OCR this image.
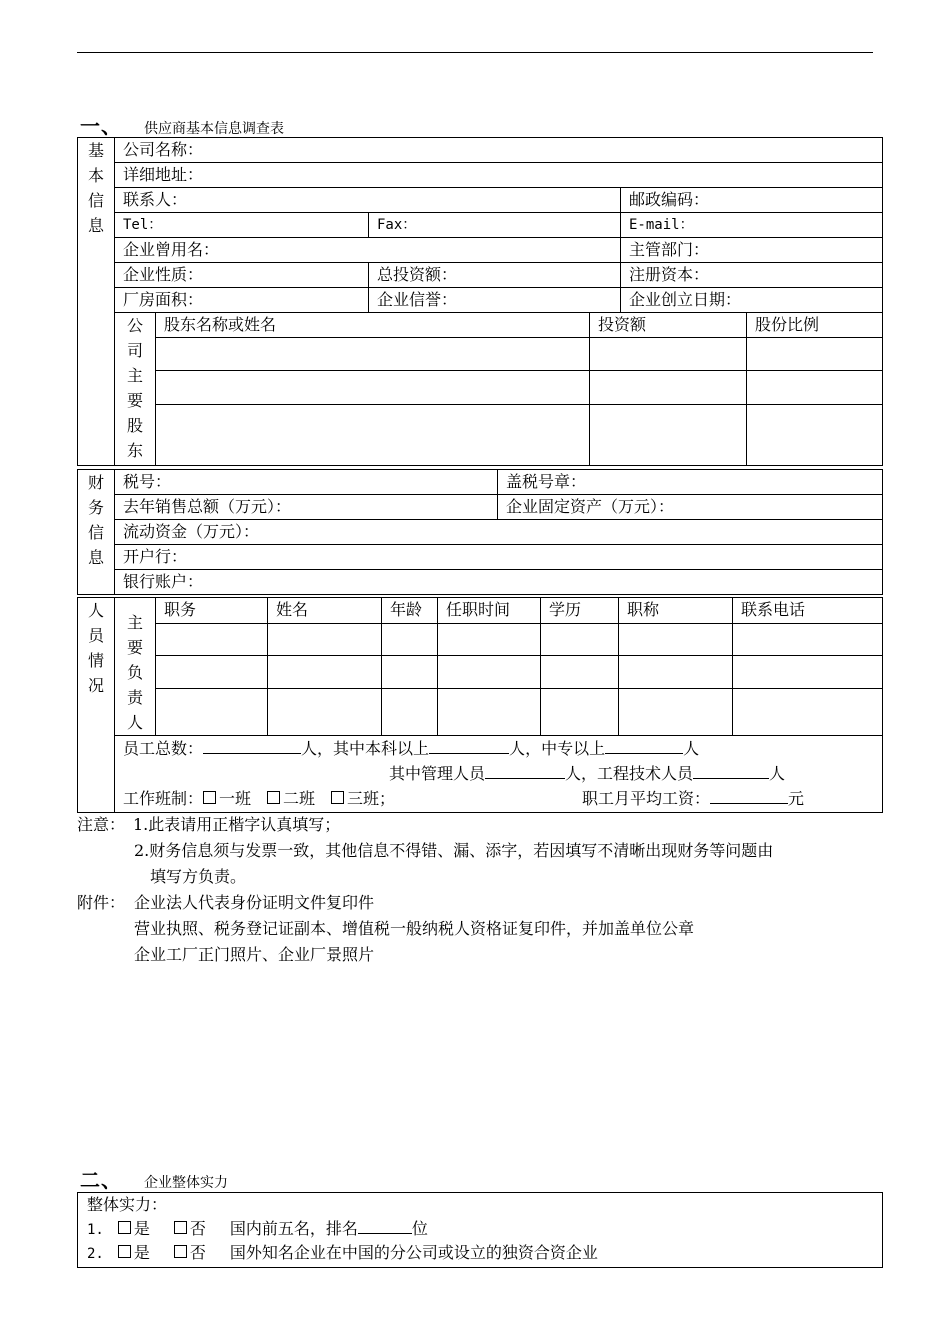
一、 供应商基本信息调查表
基本信息	公司名称：					
	详细地址：					
	联系人：				邮政编码：	
	Tel：		Fax：		E-mail：	
	企业曾用名：				主管部门：	
	企业性质：		总投资额：		注册资本：	
	厂房面积：		企业信誉：		企业创立日期：	
	公司主要股东	股东名称或姓名		投资额		股份比例

财务信息	税号：	盖税号章：
	去年销售总额（万元）：	企业固定资产（万元）：
	流动资金（万元）：	
	开户行：	
	银行账户：	
人员情况	主要负责人	职务	姓名	年龄	任职时间	学历	职称	联系电话

	员工总数： 人，其中本科以上 人，中专以上 人
其中管理人员 人，工程技术人员 人
工作班制： 一班 二班 三班； 职工月平均工资： 元							
注意： 1.此表请用正楷字认真填写；
2.财务信息须与发票一致，其他信息不得错、漏、添字，若因填写不清晰出现财务等问题由
填写方负责。
附件： 企业法人代表身份证明文件复印件
营业执照、税务登记证副本、增值税一般纳税人资格证复印件，并加盖单位公章
企业工厂正门照片、企业厂景照片
二、 企业整体实力
整体实力：
1. 是	否 国内前五名，排名	位
2. 是	否 国外知名企业在中国的分公司或设立的独资合资企业
